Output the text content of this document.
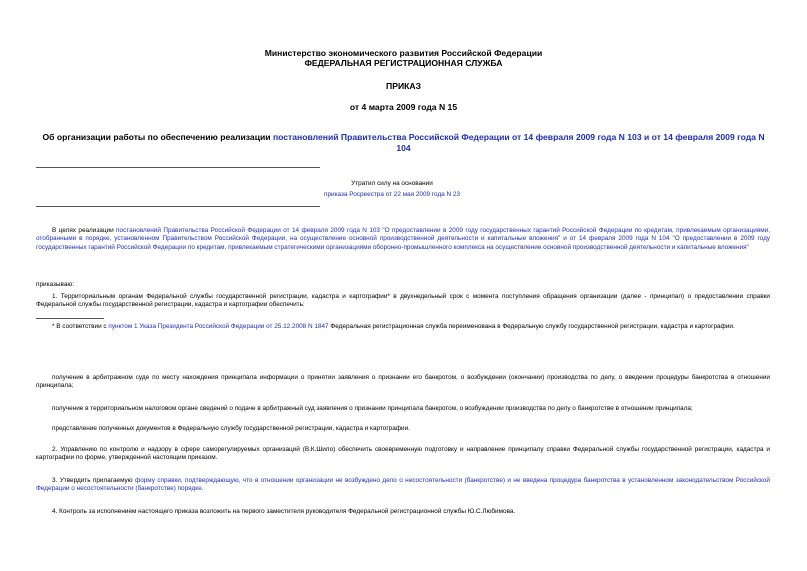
Министерство экономического развития Российской Федерации
ФЕДЕРАЛЬНАЯ РЕГИСТРАЦИОННАЯ СЛУЖБА
ПРИКАЗ
от 4 марта 2009 года N 15
Об организации работы по обеспечению реализации постановлений Правительства Российской Федерации от 14 февраля 2009 года N 103 и от 14 февраля 2009 года N 104
Утратил силу на основании
приказа Росреестра от 22 мая 2009 года N 23
В целях реализации постановлений Правительства Российской Федерации от 14 февраля 2009 года N 103 "О предоставлении в 2009 году государственных гарантий Российской Федерации по кредитам, привлекаемым организациями, отобранными в порядке, установленном Правительством Российской Федерации, на осуществление основной производственной деятельности и капитальные вложения" и от 14 февраля 2009 года N 104 "О предоставлении в 2009 году государственных гарантий Российской Федерации по кредитам, привлекаемым стратегическими организациями оборонно-промышленного комплекса на осуществление основной производственной деятельности и капитальные вложения"
приказываю:
1. Территориальным органам Федеральной службы государственной регистрации, кадастра и картографии* в двухнедельный срок с момента поступления обращения организации (далее - принципал) о предоставлении справки Федеральной службы государственной регистрации, кадастра и картографии обеспечить:
* В соответствии с пунктом 1 Указа Президента Российской Федерации от 25.12.2008 N 1847 Федеральная регистрационная служба переименована в Федеральную службу государственной регистрации, кадастра и картографии.
получение в арбитражном суде по месту нахождения принципала информации о принятии заявления о признании его банкротом, о возбуждении (окончании) производства по делу, о введении процедуры банкротства в отношении принципала;
получение в территориальном налоговом органе сведений о подаче в арбитражный суд заявления о признании принципала банкротом, о возбуждении производства по делу о банкротстве в отношении принципала;
представление полученных документов в Федеральную службу государственной регистрации, кадастра и картографии.
2. Управлению по контролю и надзору в сфере саморегулируемых организаций (В.К.Шило) обеспечить своевременную подготовку и направление принципалу справки Федеральной службы государственной регистрации, кадастра и картографии по форме, утвержденной настоящим приказом.
3. Утвердить прилагаемую форму справки, подтверждающую, что в отношении организации не возбуждено дело о несостоятельности (банкротстве) и не введена процедура банкротства в установленном законодательством Российской Федерации о несостоятельности (банкротстве) порядке.
4. Контроль за исполнением настоящего приказа возложить на первого заместителя руководителя Федеральной регистрационной службы Ю.С.Любимова.
